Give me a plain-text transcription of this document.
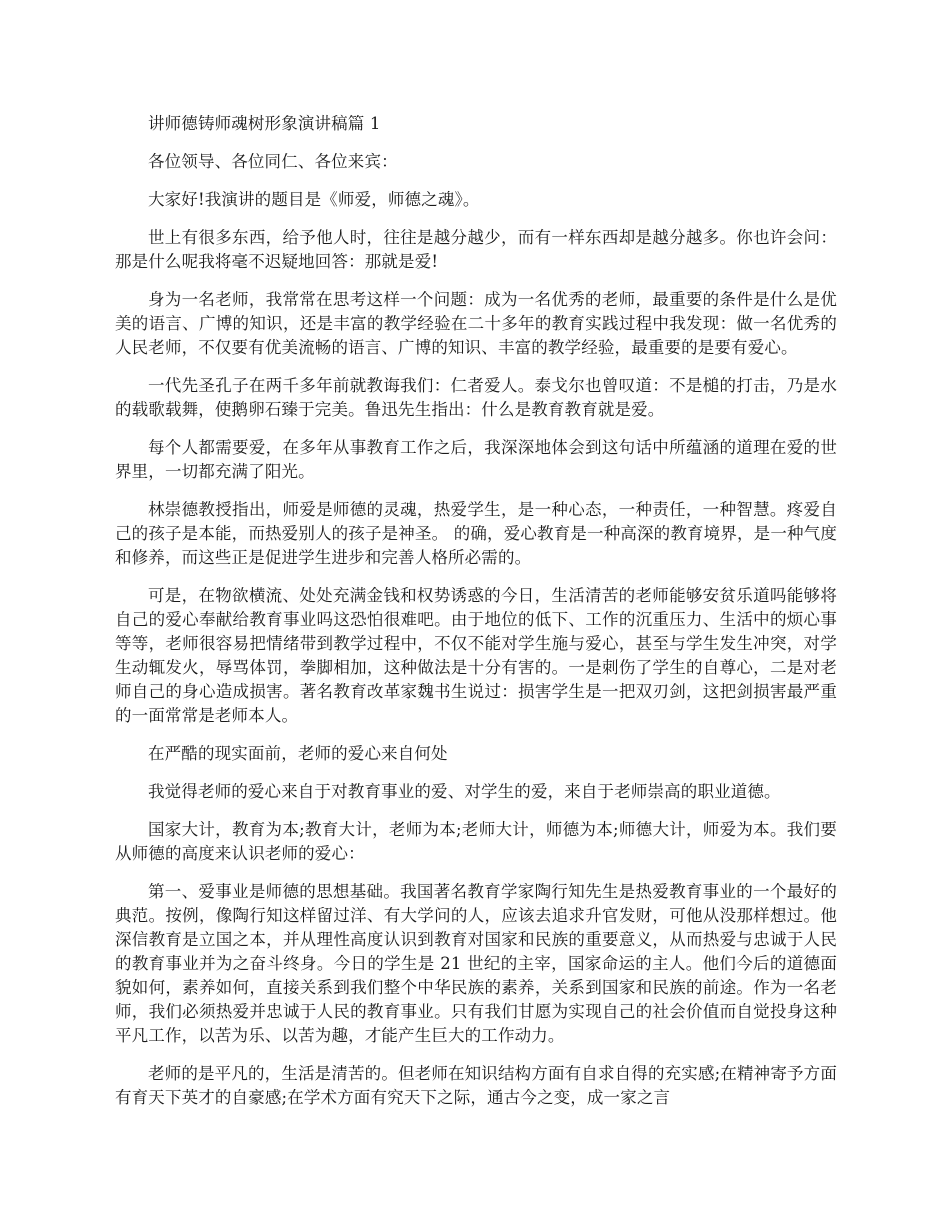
讲师德铸师魂树形象演讲稿篇 1

各位领导、各位同仁、各位来宾：

大家好!我演讲的题目是《师爱，师德之魂》。

世上有很多东西，给予他人时，往往是越分越少，而有一样东西却是越分越多。你也许会问：那是什么呢我将毫不迟疑地回答：那就是爱!

身为一名老师，我常常在思考这样一个问题：成为一名优秀的老师，最重要的条件是什么是优美的语言、广博的知识，还是丰富的教学经验在二十多年的教育实践过程中我发现：做一名优秀的人民老师，不仅要有优美流畅的语言、广博的知识、丰富的教学经验，最重要的是要有爱心。

一代先圣孔子在两千多年前就教诲我们：仁者爱人。泰戈尔也曾叹道：不是槌的打击，乃是水的载歌载舞，使鹅卵石臻于完美。鲁迅先生指出：什么是教育教育就是爱。

每个人都需要爱，在多年从事教育工作之后，我深深地体会到这句话中所蕴涵的道理在爱的世界里，一切都充满了阳光。

林崇德教授指出，师爱是师德的灵魂，热爱学生，是一种心态，一种责任，一种智慧。疼爱自己的孩子是本能，而热爱别人的孩子是神圣。 的确，爱心教育是一种高深的教育境界，是一种气度和修养，而这些正是促进学生进步和完善人格所必需的。

可是，在物欲横流、处处充满金钱和权势诱惑的今日，生活清苦的老师能够安贫乐道吗能够将自己的爱心奉献给教育事业吗这恐怕很难吧。由于地位的低下、工作的沉重压力、生活中的烦心事等等，老师很容易把情绪带到教学过程中，不仅不能对学生施与爱心，甚至与学生发生冲突，对学生动辄发火，辱骂体罚，拳脚相加，这种做法是十分有害的。一是刺伤了学生的自尊心，二是对老师自己的身心造成损害。著名教育改革家魏书生说过：损害学生是一把双刃剑，这把剑损害最严重的一面常常是老师本人。

在严酷的现实面前，老师的爱心来自何处

我觉得老师的爱心来自于对教育事业的爱、对学生的爱，来自于老师崇高的职业道德。

国家大计，教育为本;教育大计，老师为本;老师大计，师德为本;师德大计，师爱为本。我们要从师德的高度来认识老师的爱心：

第一、爱事业是师德的思想基础。我国著名教育学家陶行知先生是热爱教育事业的一个最好的典范。按例，像陶行知这样留过洋、有大学问的人，应该去追求升官发财，可他从没那样想过。他深信教育是立国之本，并从理性高度认识到教育对国家和民族的重要意义，从而热爱与忠诚于人民的教育事业并为之奋斗终身。今日的学生是 21 世纪的主宰，国家命运的主人。他们今后的道德面貌如何，素养如何，直接关系到我们整个中华民族的素养，关系到国家和民族的前途。作为一名老师，我们必须热爱并忠诚于人民的教育事业。只有我们甘愿为实现自己的社会价值而自觉投身这种平凡工作，以苦为乐、以苦为趣，才能产生巨大的工作动力。

老师的是平凡的，生活是清苦的。但老师在知识结构方面有自求自得的充实感;在精神寄予方面有育天下英才的自豪感;在学术方面有究天下之际，通古今之变，成一家之言
